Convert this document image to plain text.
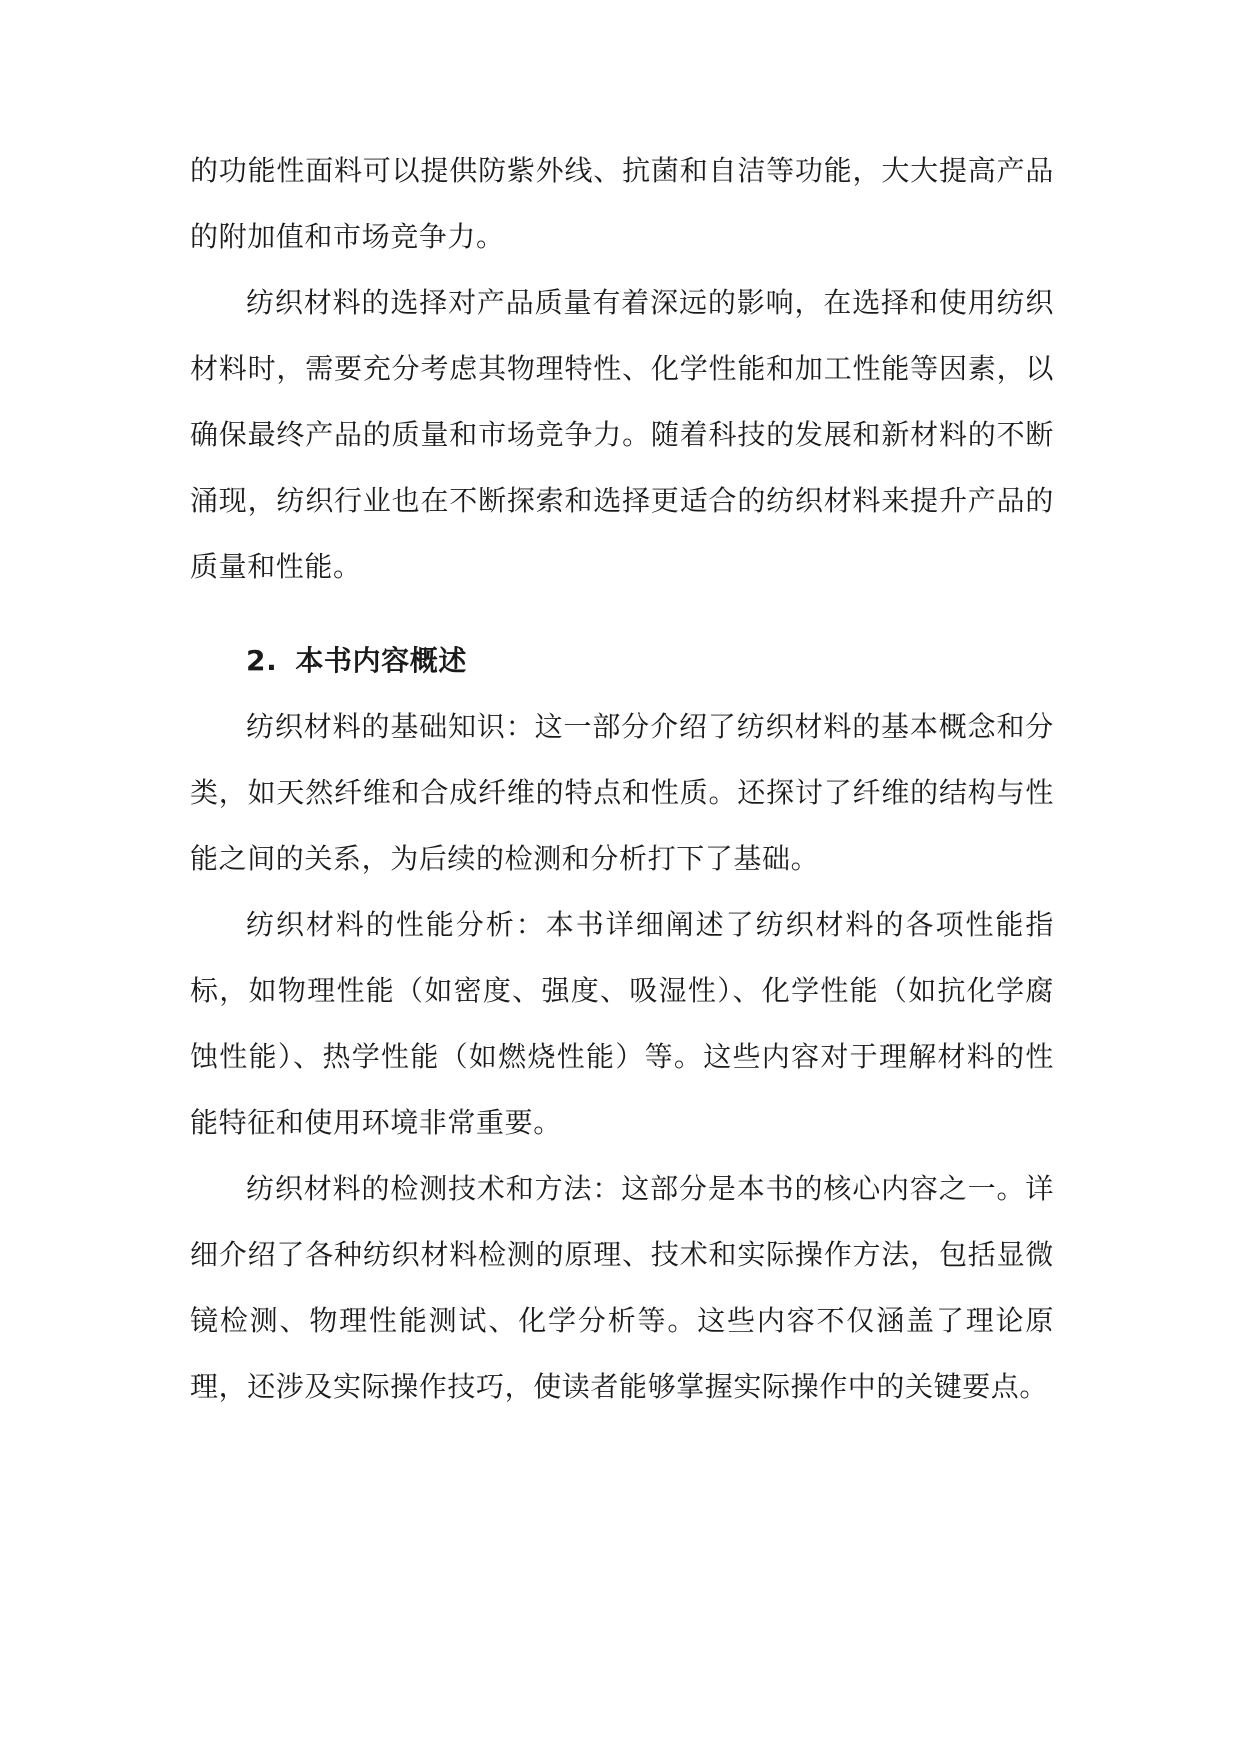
的功能性面料可以提供防紫外线、抗菌和自洁等功能，大大提高产品的附加值和市场竞争力。

纺织材料的选择对产品质量有着深远的影响，在选择和使用纺织材料时，需要充分考虑其物理特性、化学性能和加工性能等因素，以确保最终产品的质量和市场竞争力。随着科技的发展和新材料的不断涌现，纺织行业也在不断探索和选择更适合的纺织材料来提升产品的质量和性能。

2. 本书内容概述

纺织材料的基础知识：这一部分介绍了纺织材料的基本概念和分类，如天然纤维和合成纤维的特点和性质。还探讨了纤维的结构与性能之间的关系，为后续的检测和分析打下了基础。

纺织材料的性能分析：本书详细阐述了纺织材料的各项性能指标，如物理性能（如密度、强度、吸湿性）、化学性能（如抗化学腐蚀性能）、热学性能（如燃烧性能）等。这些内容对于理解材料的性能特征和使用环境非常重要。

纺织材料的检测技术和方法：这部分是本书的核心内容之一。详细介绍了各种纺织材料检测的原理、技术和实际操作方法，包括显微镜检测、物理性能测试、化学分析等。这些内容不仅涵盖了理论原理，还涉及实际操作技巧，使读者能够掌握实际操作中的关键要点。
